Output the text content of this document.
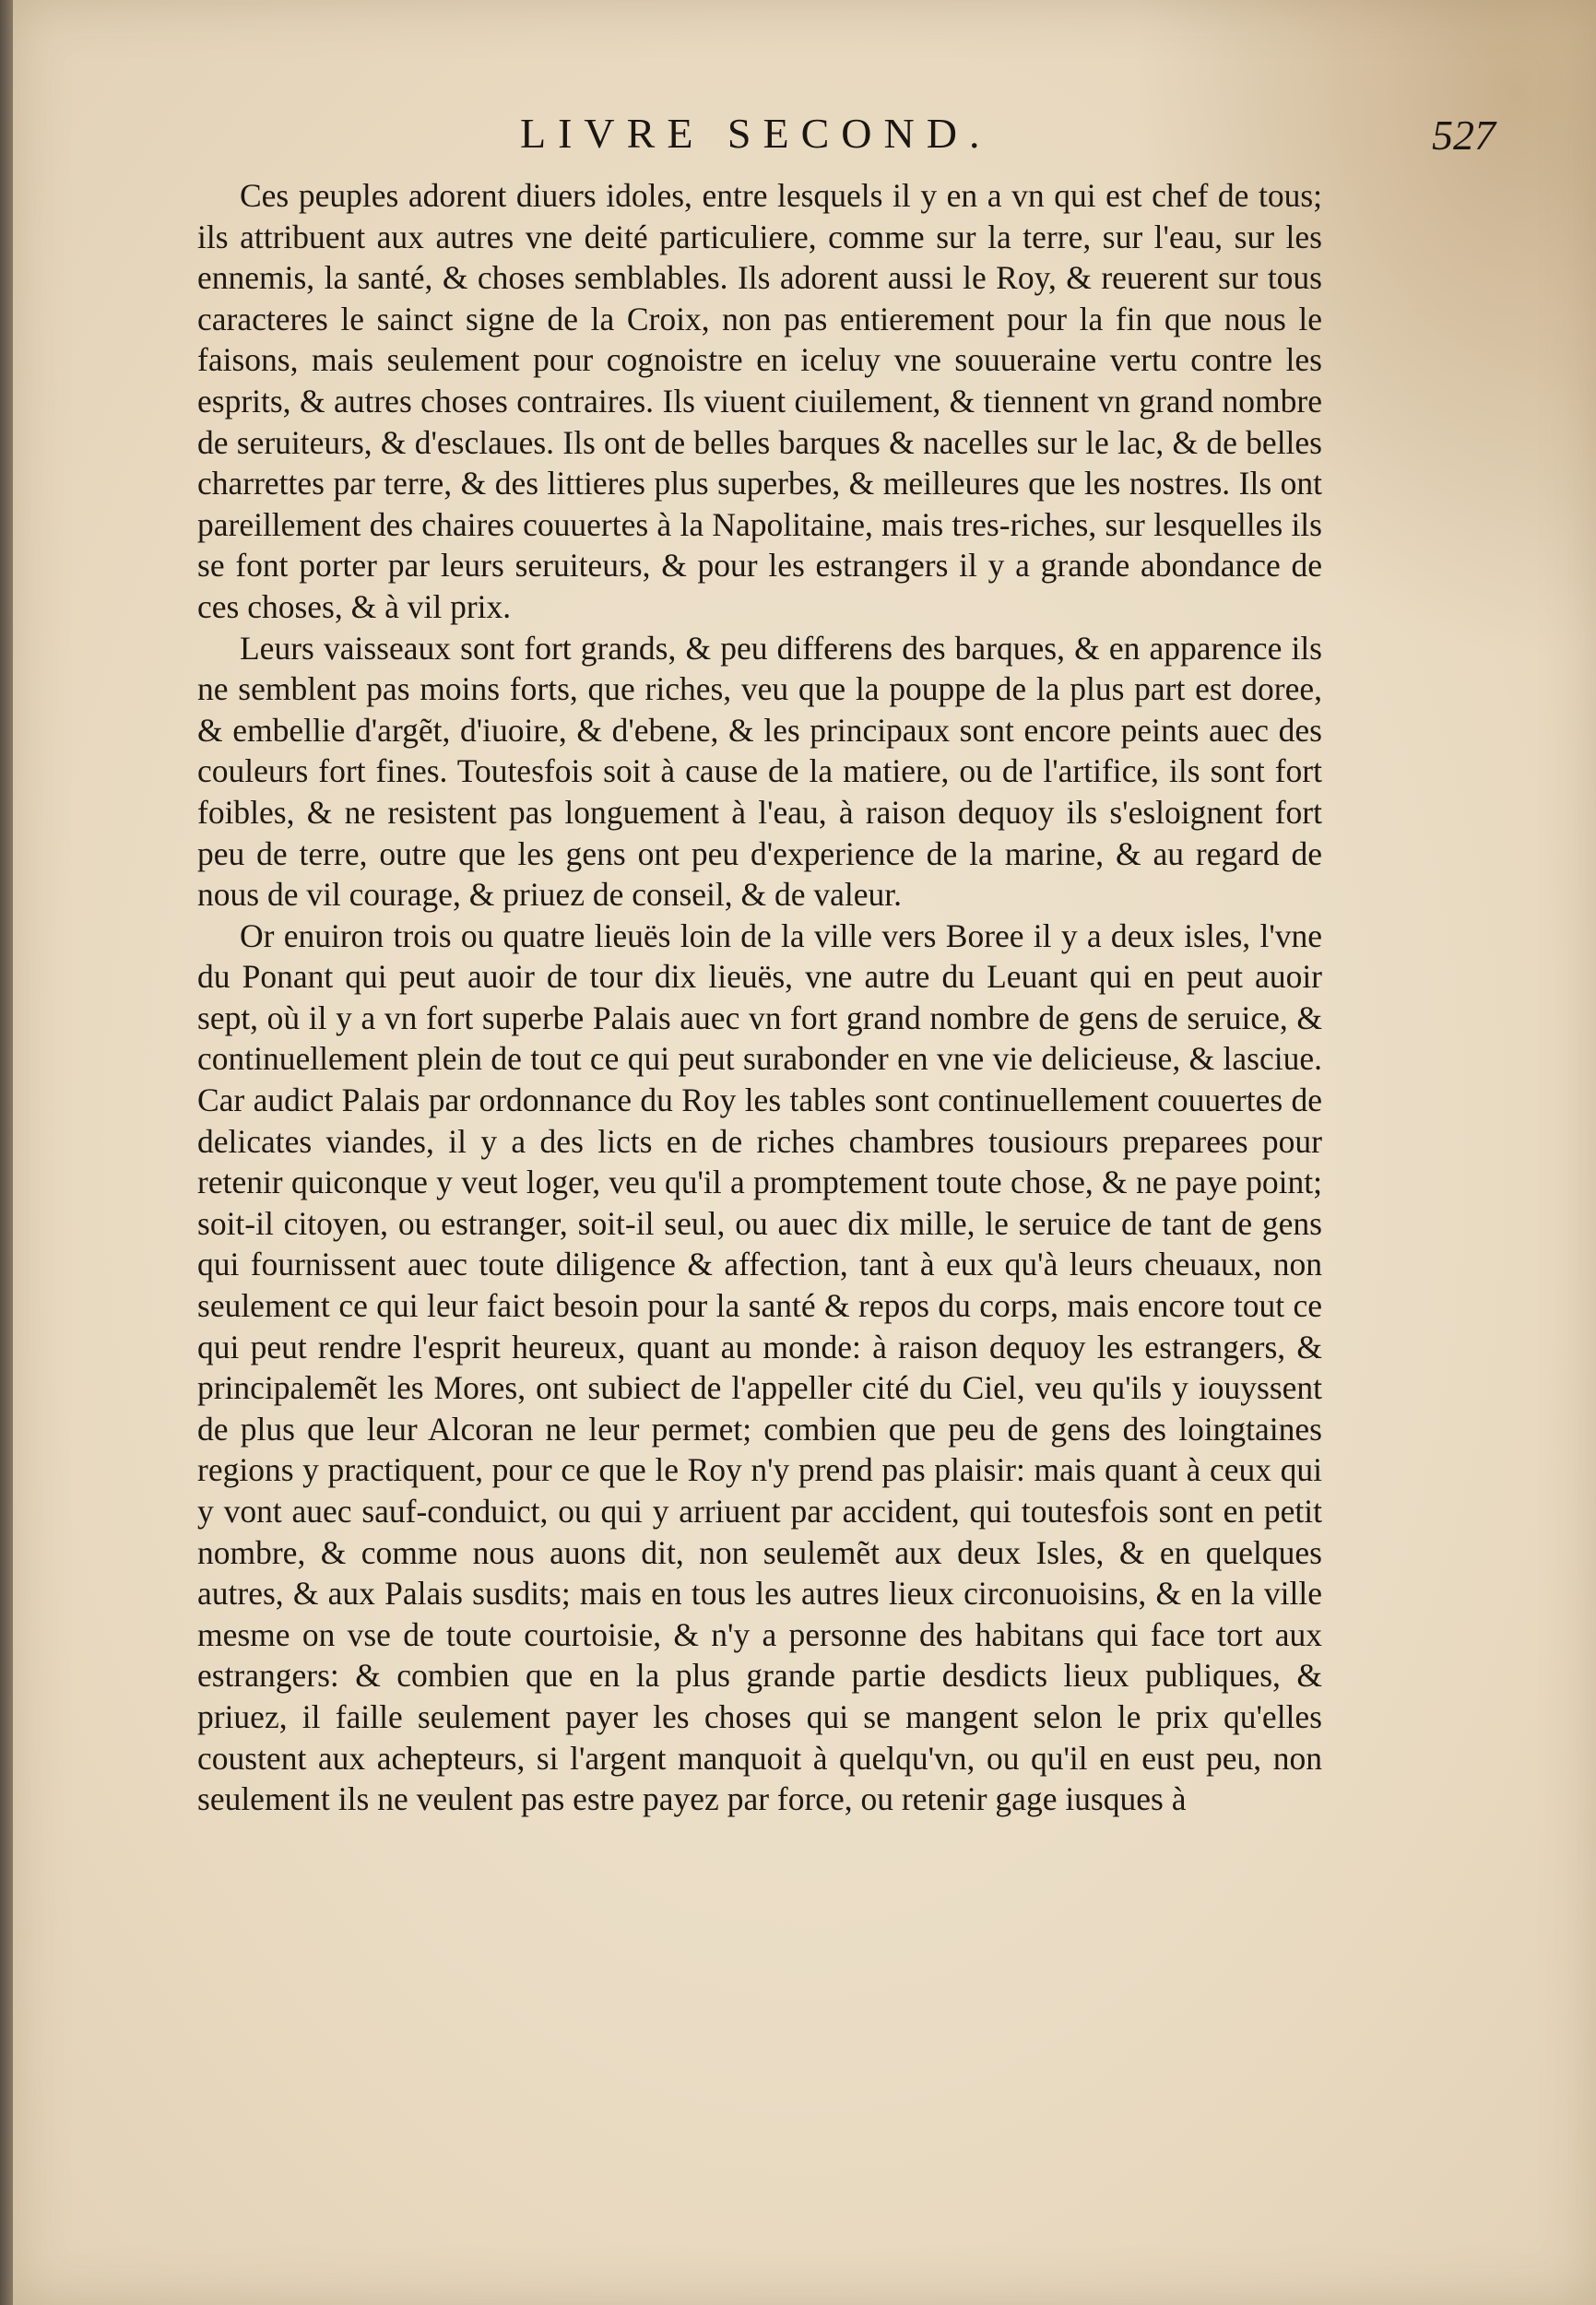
LIVRE SECOND.	527

Ces peuples adorent diuers idoles, entre lesquels il y en a vn qui est chef de tous; ils attribuent aux autres vne deité particuliere, comme sur la terre, sur l'eau, sur les ennemis, la santé, & choses semblables. Ils adorent aussi le Roy, & reuerent sur tous caracteres le sainct signe de la Croix, non pas entierement pour la fin que nous le faisons, mais seulement pour cognoistre en iceluy vne souueraine vertu contre les esprits, & autres choses contraires. Ils viuent ciuilement, & tiennent vn grand nombre de seruiteurs, & d'esclaues. Ils ont de belles barques & nacelles sur le lac, & de belles charrettes par terre, & des littieres plus superbes, & meilleures que les nostres. Ils ont pareillement des chaires couuertes à la Napolitaine, mais tres-riches, sur lesquelles ils se font porter par leurs seruiteurs, & pour les estrangers il y a grande abondance de ces choses, & à vil prix.

Leurs vaisseaux sont fort grands, & peu differens des barques, & en apparence ils ne semblent pas moins forts, que riches, veu que la pouppe de la plus part est doree, & embellie d'argẽt, d'iuoire, & d'ebene, & les principaux sont encore peints auec des couleurs fort fines. Toutesfois soit à cause de la matiere, ou de l'artifice, ils sont fort foibles, & ne resistent pas longuement à l'eau, à raison dequoy ils s'esloignent fort peu de terre, outre que les gens ont peu d'experience de la marine, & au regard de nous de vil courage, & priuez de conseil, & de valeur.

Or enuiron trois ou quatre lieuës loin de la ville vers Boree il y a deux isles, l'vne du Ponant qui peut auoir de tour dix lieuës, vne autre du Leuant qui en peut auoir sept, où il y a vn fort superbe Palais auec vn fort grand nombre de gens de seruice, & continuellement plein de tout ce qui peut surabonder en vne vie delicieuse, & lasciue. Car audict Palais par ordonnance du Roy les tables sont continuellement couuertes de delicates viandes, il y a des licts en de riches chambres tousiours preparees pour retenir quiconque y veut loger, veu qu'il a promptement toute chose, & ne paye point; soit-il citoyen, ou estranger, soit-il seul, ou auec dix mille, le seruice de tant de gens qui fournissent auec toute diligence & affection, tant à eux qu'à leurs cheuaux, non seulement ce qui leur faict besoin pour la santé & repos du corps, mais encore tout ce qui peut rendre l'esprit heureux, quant au monde: à raison dequoy les estrangers, & principalemẽt les Mores, ont subiect de l'appeller cité du Ciel, veu qu'ils y iouyssent de plus que leur Alcoran ne leur permet; combien que peu de gens des loingtaines regions y practiquent, pour ce que le Roy n'y prend pas plaisir: mais quant à ceux qui y vont auec sauf-conduict, ou qui y arriuent par accident, qui toutesfois sont en petit nombre, & comme nous auons dit, non seulemẽt aux deux Isles, & en quelques autres, & aux Palais susdits; mais en tous les autres lieux circonuoisins, & en la ville mesme on vse de toute courtoisie, & n'y a personne des habitans qui face tort aux estrangers: & combien que en la plus grande partie desdicts lieux publiques, & priuez, il faille seulement payer les choses qui se mangent selon le prix qu'elles coustent aux achepteurs, si l'argent manquoit à quelqu'vn, ou qu'il en eust peu, non seulement ils ne veulent pas estre payez par force, ou retenir gage iusques à
